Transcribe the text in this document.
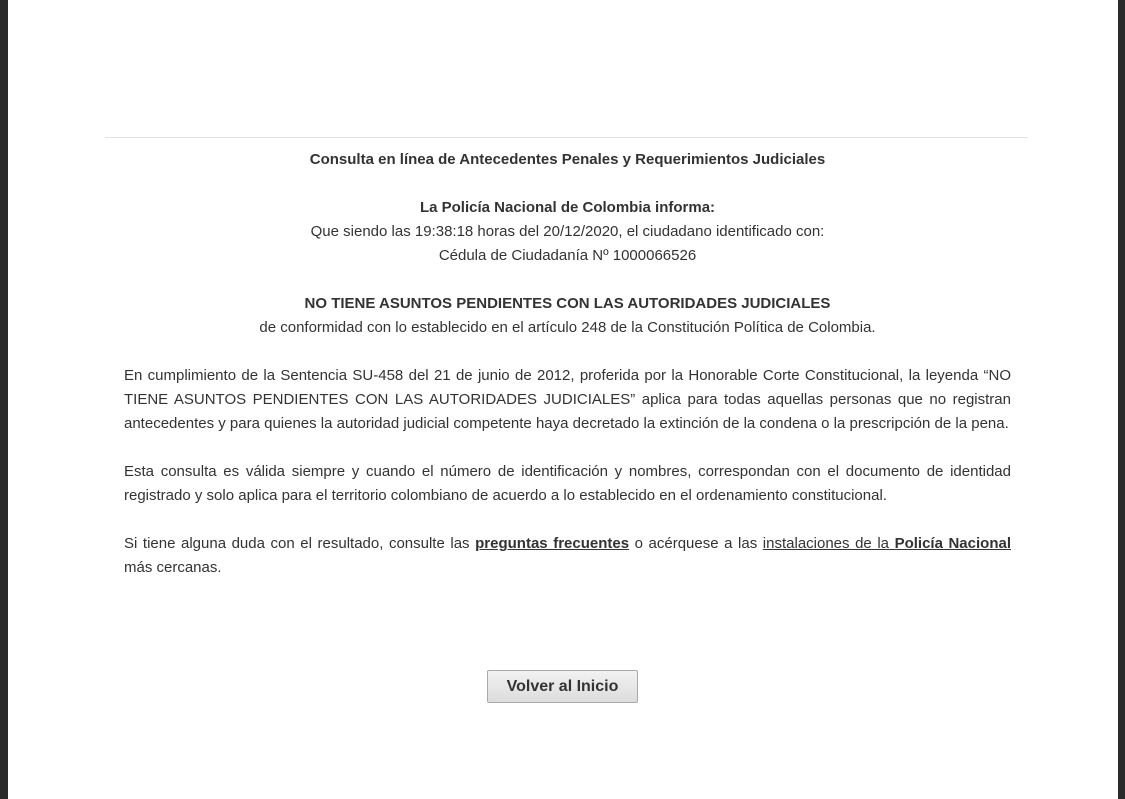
Consulta en línea de Antecedentes Penales y Requerimientos Judiciales

La Policía Nacional de Colombia informa:

Que siendo las 19:38:18 horas del 20/12/2020, el ciudadano identificado con:

Cédula de Ciudadanía Nº 1000066526

NO TIENE ASUNTOS PENDIENTES CON LAS AUTORIDADES JUDICIALES

de conformidad con lo establecido en el artículo 248 de la Constitución Política de Colombia.

En cumplimiento de la Sentencia SU-458 del 21 de junio de 2012, proferida por la Honorable Corte Constitucional, la leyenda “NO TIENE ASUNTOS PENDIENTES CON LAS AUTORIDADES JUDICIALES” aplica para todas aquellas personas que no registran antecedentes y para quienes la autoridad judicial competente haya decretado la extinción de la condena o la prescripción de la pena.

Esta consulta es válida siempre y cuando el número de identificación y nombres, correspondan con el documento de identidad registrado y solo aplica para el territorio colombiano de acuerdo a lo establecido en el ordenamiento constitucional.

Si tiene alguna duda con el resultado, consulte las preguntas frecuentes o acérquese a las instalaciones de la Policía Nacional más cercanas.

Volver al Inicio
